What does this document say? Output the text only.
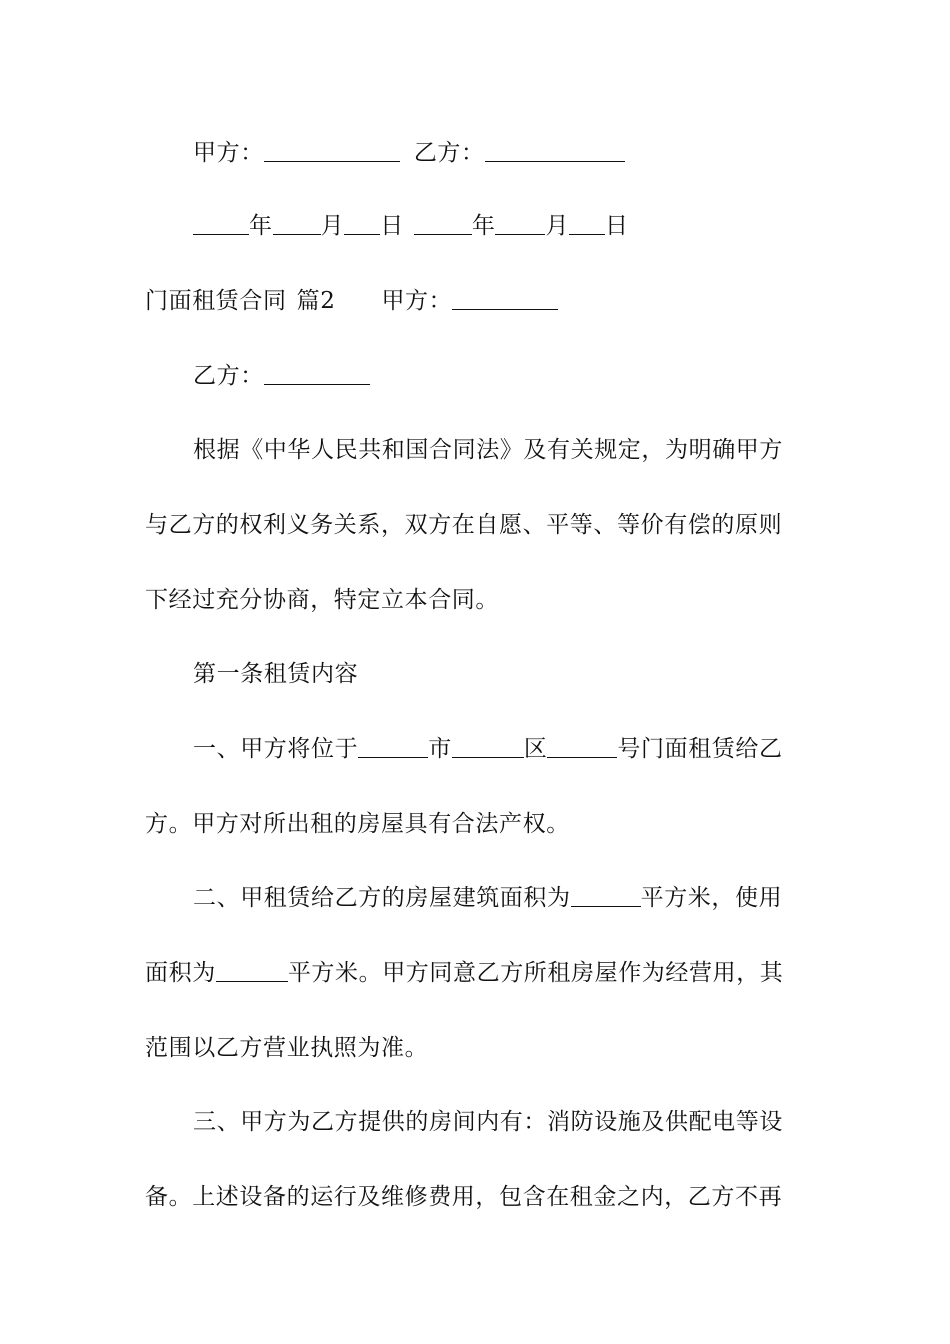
甲方：	乙方：
年 月 日	年 月 日
门面租赁合同 篇2 甲方：
乙方：
根据《中华人民共和国合同法》及有关规定，为明确甲方
与乙方的权利义务关系，双方在自愿、平等、等价有偿的原则
下经过充分协商，特定立本合同。
第一条租赁内容
一、甲方将位于	市	区	号门面租赁给乙
方。甲方对所出租的房屋具有合法产权。
二、甲租赁给乙方的房屋建筑面积为	平方米，使用
面积为	平方米。甲方同意乙方所租房屋作为经营用，其
范围以乙方营业执照为准。
三、甲方为乙方提供的房间内有：消防设施及供配电等设
备。上述设备的运行及维修费用，包含在租金之内，乙方不再
